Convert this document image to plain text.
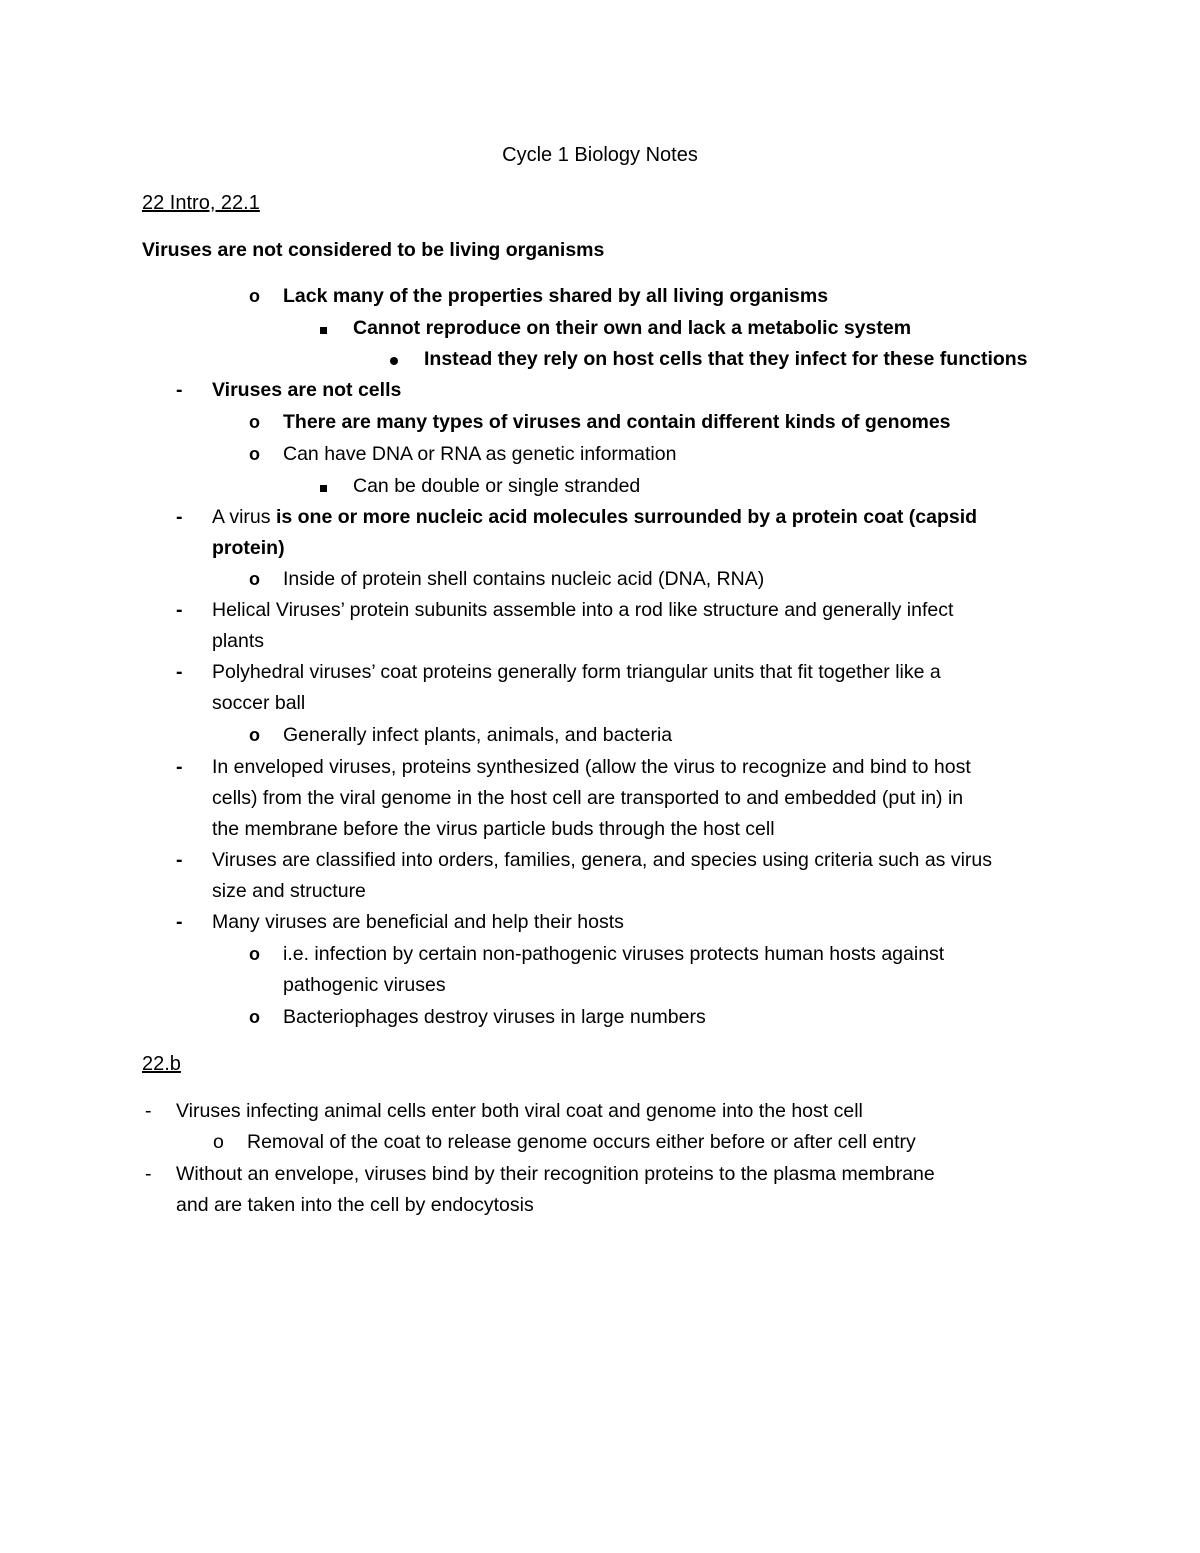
Cycle 1 Biology Notes
22 Intro, 22.1
Viruses are not considered to be living organisms
o Lack many of the properties shared by all living organisms
Cannot reproduce on their own and lack a metabolic system
Instead they rely on host cells that they infect for these functions
- Viruses are not cells
o There are many types of viruses and contain different kinds of genomes
o Can have DNA or RNA as genetic information
Can be double or single stranded
- A virus is one or more nucleic acid molecules surrounded by a protein coat (capsid
protein)
o Inside of protein shell contains nucleic acid (DNA, RNA)
- Helical Viruses’ protein subunits assemble into a rod like structure and generally infect
plants
- Polyhedral viruses’ coat proteins generally form triangular units that fit together like a
soccer ball
o Generally infect plants, animals, and bacteria
- In enveloped viruses, proteins synthesized (allow the virus to recognize and bind to host
cells) from the viral genome in the host cell are transported to and embedded (put in) in
the membrane before the virus particle buds through the host cell
- Viruses are classified into orders, families, genera, and species using criteria such as virus
size and structure
- Many viruses are beneficial and help their hosts
o i.e. infection by certain non-pathogenic viruses protects human hosts against
pathogenic viruses
o Bacteriophages destroy viruses in large numbers
22.b
- Viruses infecting animal cells enter both viral coat and genome into the host cell
o Removal of the coat to release genome occurs either before or after cell entry
- Without an envelope, viruses bind by their recognition proteins to the plasma membrane
and are taken into the cell by endocytosis
